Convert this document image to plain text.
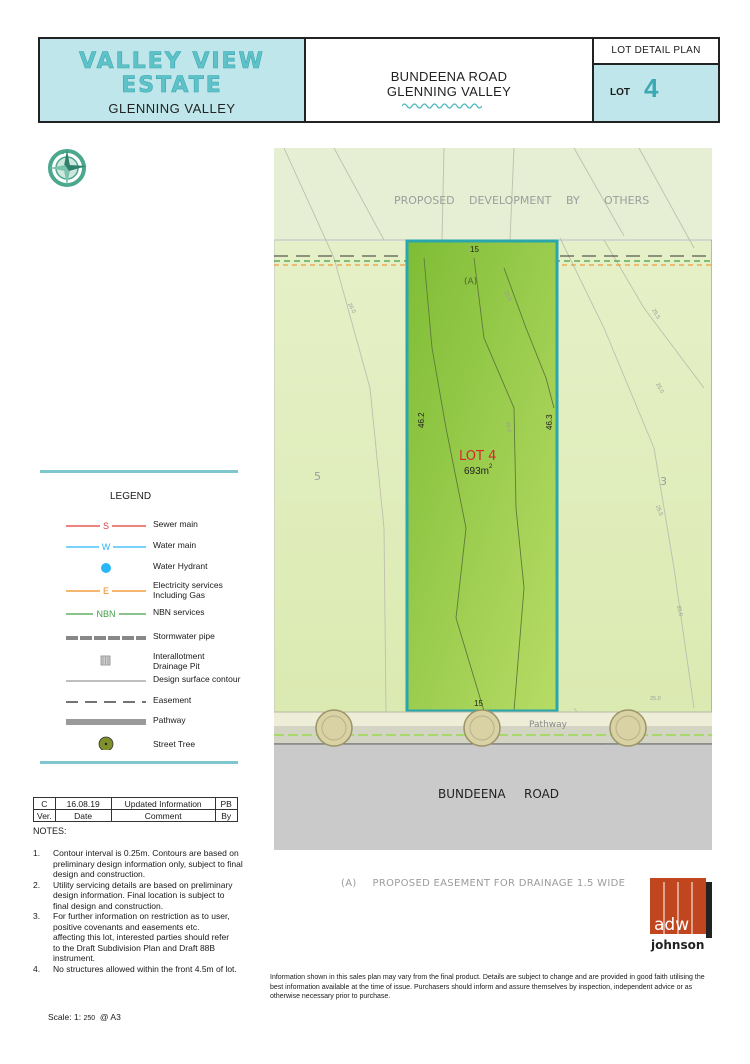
VALLEY VIEW
ESTATE
GLENNING VALLEY
BUNDEENA ROAD
GLENNING VALLEY
LOT DETAIL PLAN
LOT 4
PROPOSED DEVELOPMENT BY OTHERS
15
15
(A)
46.2	46.3
LOT 4
693m 2
5	3
Pathway
BUNDEENA ROAD
26.0
25.5
26.0
25.5
25.0
25.5
25.0
25.0
LEGEND
S	Sewer main
W	Water main
Water Hydrant
E
Electricity services
Including Gas
NBN	NBN services
Stormwater pipe
Interallotment
Drainage Pit
Design surface contour
Easement
Pathway
Street Tree
C	16.08.19	Updated Information	PB
Ver.	Date	Comment	By
NOTES:
1. Contour interval is 0.25m. Contours are based on
preliminary design information only, subject to final
design and construction.
2. Utility servicing details are based on preliminary
design information. Final location is subject to
final design and construction.
3. For further information on restriction as to user,
positive covenants and easements etc.
affecting this lot, interested parties should refer
to the Draft Subdivision Plan and Draft 88B
instrument.
4. No structures allowed within the front 4.5m of lot.
Scale: 1: 250 @ A3
(A) PROPOSED EASEMENT FOR DRAINAGE 1.5 WIDE
adw
johnson
Information shown in this sales plan may vary from the final product. Details are subject to change and are provided in good faith utilising the best information available at the time of issue. Purchasers should inform and assure themselves by inspection, independent advice or as otherwise necessary prior to purchase.
